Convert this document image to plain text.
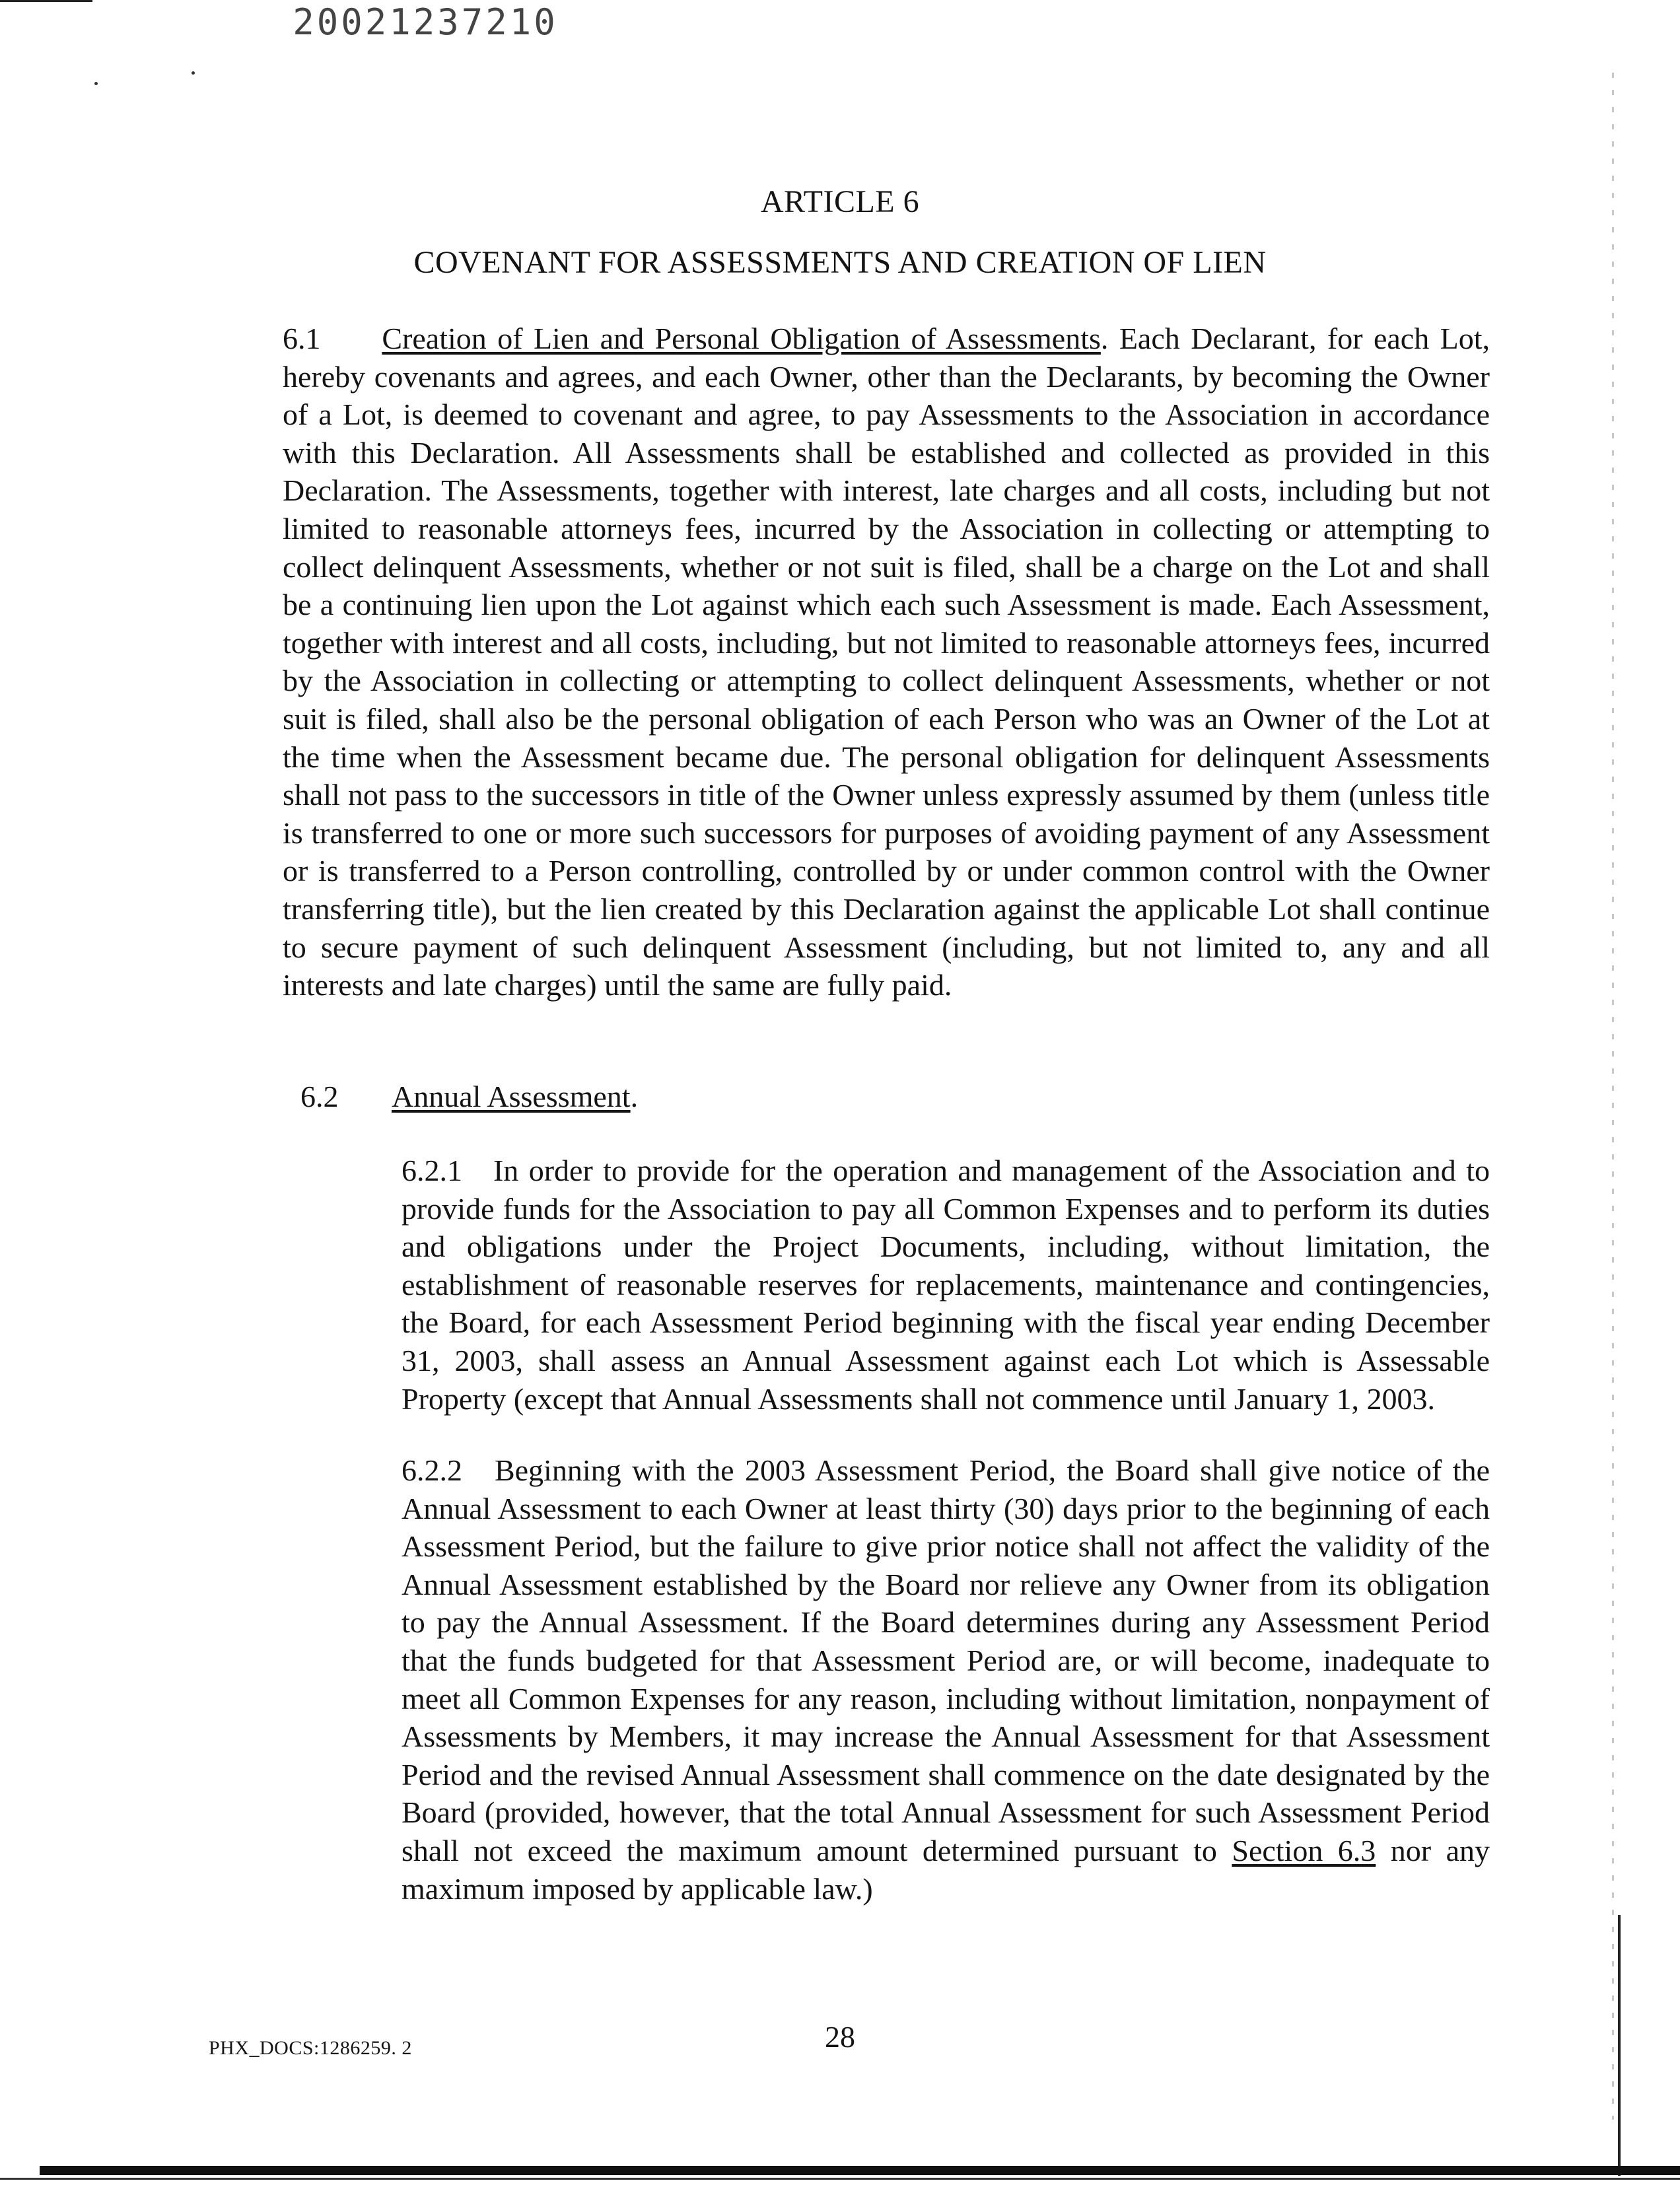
20021237210
ARTICLE 6
COVENANT FOR ASSESSMENTS AND CREATION OF LIEN

6.1 Creation of Lien and Personal Obligation of Assessments. Each Declarant, for each Lot, hereby covenants and agrees, and each Owner, other than the Declarants, by becoming the Owner of a Lot, is deemed to covenant and agree, to pay Assessments to the Association in accordance with this Declaration. All Assessments shall be established and collected as provided in this Declaration. The Assessments, together with interest, late charges and all costs, including but not limited to reasonable attorneys fees, incurred by the Association in collecting or attempting to collect delinquent Assessments, whether or not suit is filed, shall be a charge on the Lot and shall be a continuing lien upon the Lot against which each such Assessment is made. Each Assessment, together with interest and all costs, including, but not limited to reasonable attorneys fees, incurred by the Association in collecting or attempting to collect delinquent Assessments, whether or not suit is filed, shall also be the personal obligation of each Person who was an Owner of the Lot at the time when the Assessment became due. The personal obligation for delinquent Assessments shall not pass to the successors in title of the Owner unless expressly assumed by them (unless title is transferred to one or more such successors for purposes of avoiding payment of any Assessment or is transferred to a Person controlling, controlled by or under common control with the Owner transferring title), but the lien created by this Declaration against the applicable Lot shall continue to secure payment of such delinquent Assessment (including, but not limited to, any and all interests and late charges) until the same are fully paid.

6.2 Annual Assessment.

6.2.1 In order to provide for the operation and management of the Association and to provide funds for the Association to pay all Common Expenses and to perform its duties and obligations under the Project Documents, including, without limitation, the establishment of reasonable reserves for replacements, maintenance and contingencies, the Board, for each Assessment Period beginning with the fiscal year ending December 31, 2003, shall assess an Annual Assessment against each Lot which is Assessable Property (except that Annual Assessments shall not commence until January 1, 2003.

6.2.2 Beginning with the 2003 Assessment Period, the Board shall give notice of the Annual Assessment to each Owner at least thirty (30) days prior to the beginning of each Assessment Period, but the failure to give prior notice shall not affect the validity of the Annual Assessment established by the Board nor relieve any Owner from its obligation to pay the Annual Assessment. If the Board determines during any Assessment Period that the funds budgeted for that Assessment Period are, or will become, inadequate to meet all Common Expenses for any reason, including without limitation, nonpayment of Assessments by Members, it may increase the Annual Assessment for that Assessment Period and the revised Annual Assessment shall commence on the date designated by the Board (provided, however, that the total Annual Assessment for such Assessment Period shall not exceed the maximum amount determined pursuant to Section 6.3 nor any maximum imposed by applicable law.)

PHX_DOCS:1286259. 2	28
